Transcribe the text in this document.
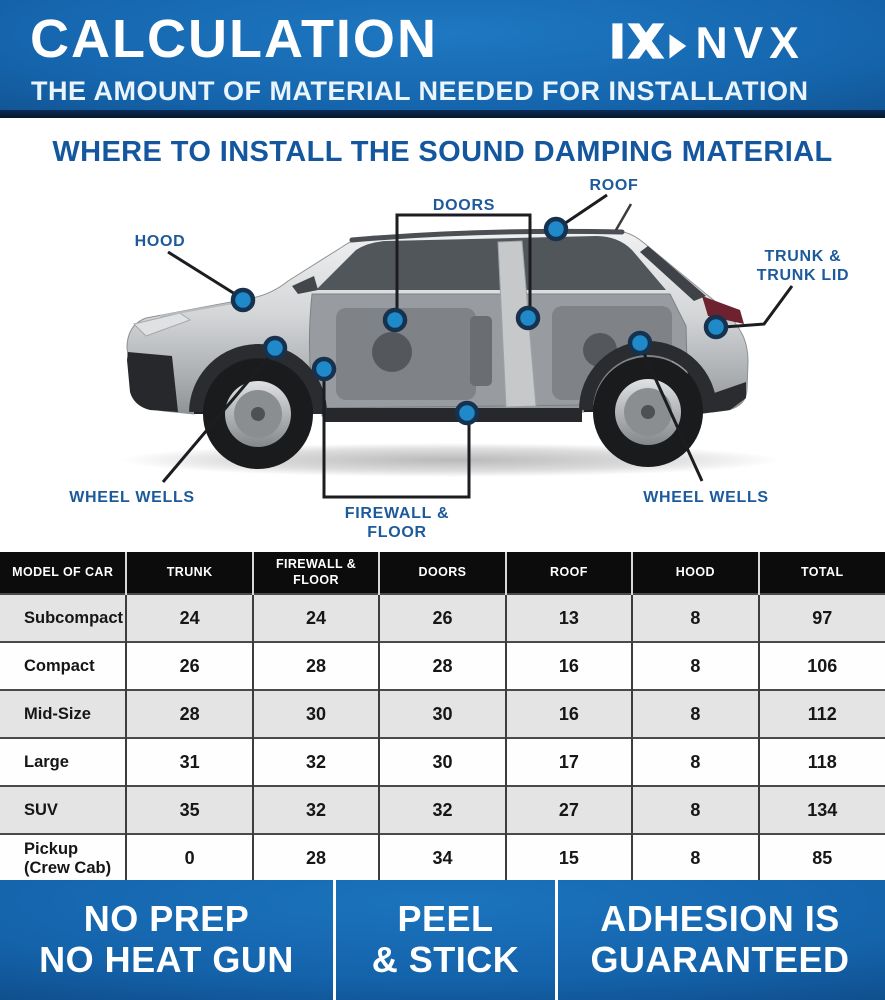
CALCULATION	NVX
THE AMOUNT OF MATERIAL NEEDED FOR INSTALLATION
WHERE TO INSTALL THE SOUND DAMPING MATERIAL
HOOD
DOORS
ROOF
TRUNK &
TRUNK LID
WHEEL WELLS	WHEEL WELLS
FIREWALL &
FLOOR
MODEL OF CAR	TRUNK	FIREWALL & FLOOR	DOORS	ROOF	HOOD	TOTAL
Subcompact	24	24	26	13	8	97
Compact	26	28	28	16	8	106
Mid-Size	28	30	30	16	8	112
Large	31	32	30	17	8	118
SUV	35	32	32	27	8	134
Pickup (Crew Cab)	0	28	34	15	8	85
NO PREP
NO HEAT GUN
PEEL
& STICK
ADHESION IS
GUARANTEED
